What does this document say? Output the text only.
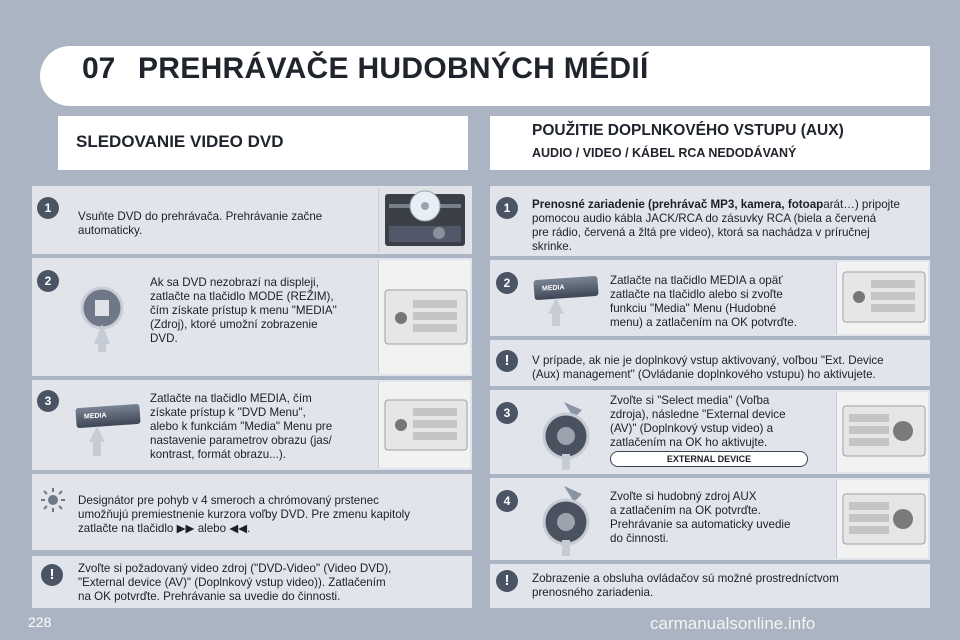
07 PREHRÁVAČE HUDOBNÝCH MÉDIÍ
SLEDOVANIE VIDEO DVD
POUŽITIE DOPLNKOVÉHO VSTUPU (AUX)
AUDIO / VIDEO / KÁBEL RCA NEDODÁVANÝ
1
Vsuňte DVD do prehrávača. Prehrávanie začne
automaticky.
2	Ak sa DVD nezobrazí na displeji,
zatlačte na tlačidlo MODE (REŽIM),
čím získate prístup k menu "MEDIA"
(Zdroj), ktoré umožní zobrazenie
DVD.
3	Zatlačte na tlačidlo MEDIA, čím
získate prístup k "DVD Menu",
alebo k funkciám "Media" Menu pre
nastavenie parametrov obrazu (jas/
kontrast, formát obrazu...).
MEDIA
Designátor pre pohyb v 4 smeroch a chrómovaný prstenec
umožňujú premiestnenie kurzora voľby DVD. Pre zmenu kapitoly
zatlačte na tlačidlo ▶▶ alebo ◀◀.
!	Zvoľte si požadovaný video zdroj ("DVD-Video" (Video DVD),
"External device (AV)" (Doplnkový vstup video)). Zatlačením
na OK potvrďte. Prehrávanie sa uvedie do činnosti.
1	Prenosné zariadenie (prehrávač MP3, kamera, fotoaparát…) pripojte
pomocou audio kábla JACK/RCA do zásuvky RCA (biela a červená
pre rádio, červená a žltá pre video), ktorá sa nachádza v príručnej
skrinke.
2	MEDIA
Zatlačte na tlačidlo MEDIA a opäť
zatlačte na tlačidlo alebo si zvoľte
funkciu "Media" Menu (Hudobné
menu) a zatlačením na OK potvrďte.
!	V prípade, ak nie je doplnkový vstup aktivovaný, voľbou "Ext. Device
(Aux) management" (Ovládanie doplnkového vstupu) ho aktivujete.
3
Zvoľte si "Select media" (Voľba
zdroja), následne "External device
(AV)" (Doplnkový vstup video) a
zatlačením na OK ho aktivujte.
EXTERNAL DEVICE
4	Zvoľte si hudobný zdroj AUX
a zatlačením na OK potvrďte.
Prehrávanie sa automaticky uvedie
do činnosti.
!	Zobrazenie a obsluha ovládačov sú možné prostredníctvom
prenosného zariadenia.
228	carmanualsonline.info
